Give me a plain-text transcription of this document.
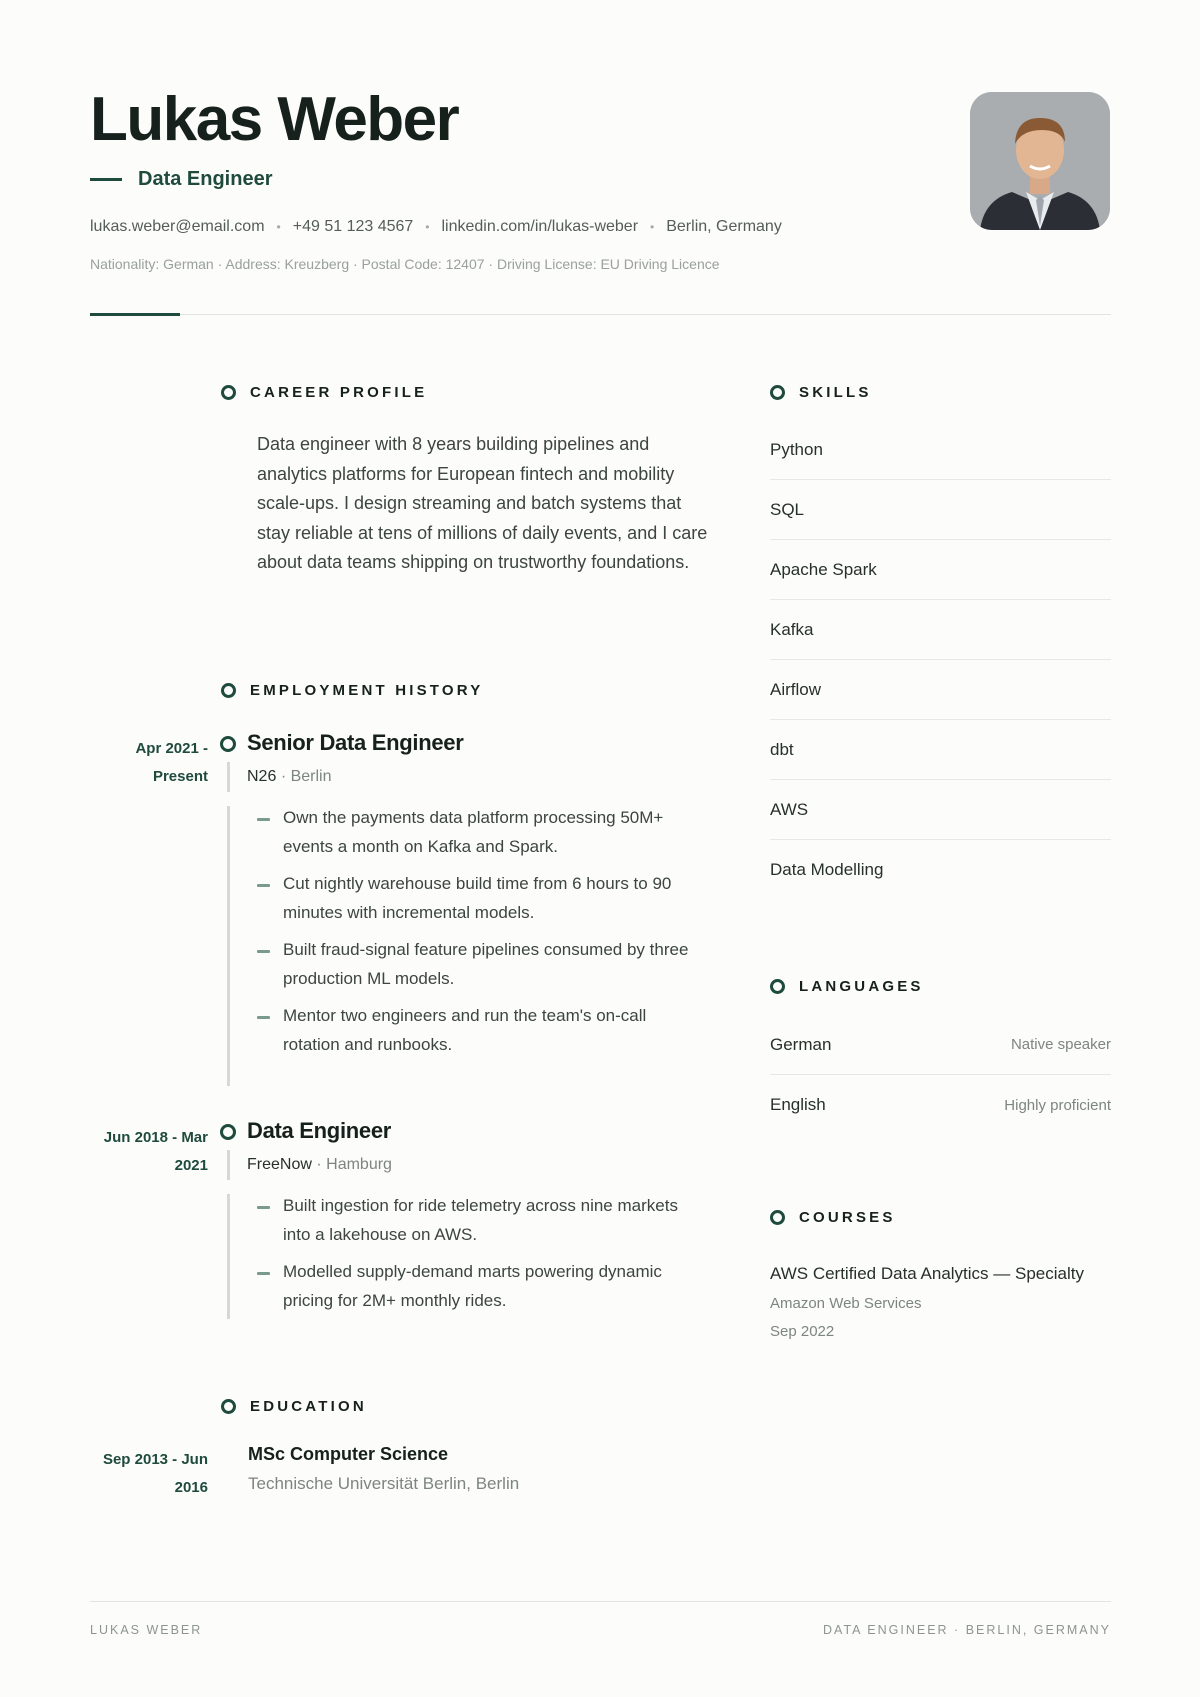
Lukas Weber
Data Engineer
lukas.weber@email.com • +49 51 123 4567 • linkedin.com/in/lukas-weber • Berlin, Germany
Nationality: German · Address: Kreuzberg · Postal Code: 12407 · Driving License: EU Driving Licence
CAREER PROFILE

Data engineer with 8 years building pipelines and analytics platforms for European fintech and mobility scale-ups. I design streaming and batch systems that stay reliable at tens of millions of daily events, and I care about data teams shipping on trustworthy foundations.

EMPLOYMENT HISTORY
Apr 2021 -
Present
Senior Data Engineer
N26 · Berlin
Own the payments data platform processing 50M+ events a month on Kafka and Spark.
Cut nightly warehouse build time from 6 hours to 90 minutes with incremental models.
Built fraud-signal feature pipelines consumed by three production ML models.
Mentor two engineers and run the team's on-call rotation and runbooks.
Jun 2018 - Mar
2021
Data Engineer
FreeNow · Hamburg
Built ingestion for ride telemetry across nine markets into a lakehouse on AWS.
Modelled supply-demand marts powering dynamic pricing for 2M+ monthly rides.
EDUCATION
Sep 2013 - Jun
2016
MSc Computer Science
Technische Universität Berlin, Berlin
SKILLS
Python
SQL
Apache Spark
Kafka
Airflow
dbt
AWS
Data Modelling
LANGUAGES
German	Native speaker
English	Highly proficient
COURSES
AWS Certified Data Analytics — Specialty
Amazon Web Services
Sep 2022
LUKAS WEBER	DATA ENGINEER · BERLIN, GERMANY
